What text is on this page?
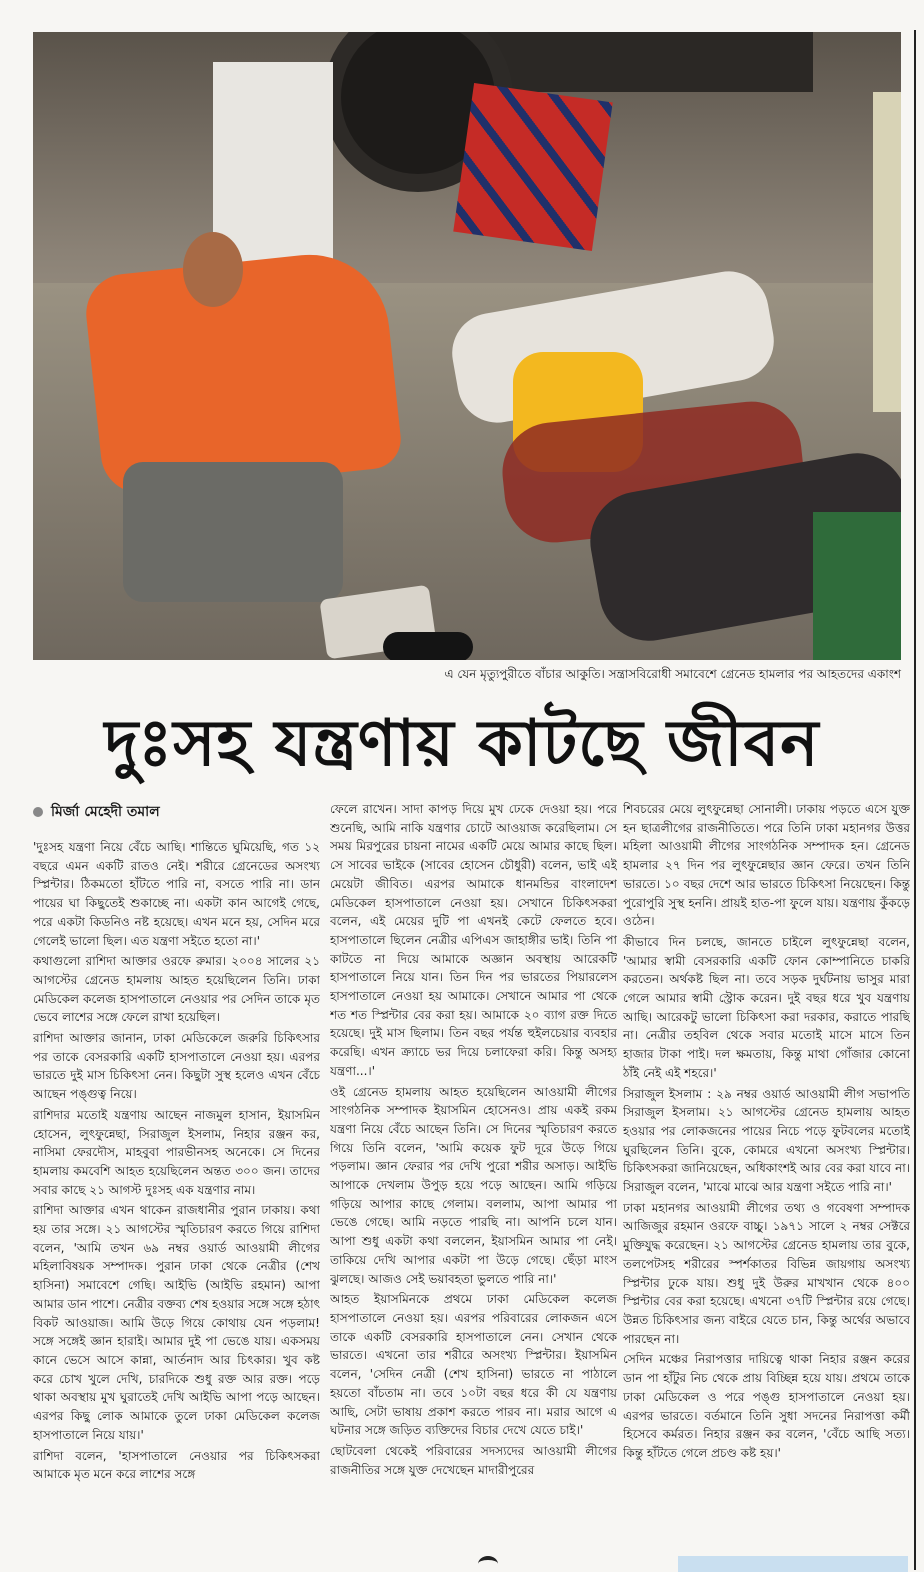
এ যেন মৃত্যুপুরীতে বাঁচার আকুতি। সন্ত্রাসবিরোধী সমাবেশে গ্রেনেড হামলার পর আহতদের একাংশ
দুঃসহ যন্ত্রণায় কাটছে জীবন

মির্জা মেহেদী তমাল

'দুঃসহ যন্ত্রণা নিয়ে বেঁচে আছি। শান্তিতে ঘুমিয়েছি, গত ১২ বছরে এমন একটি রাতও নেই। শরীরে গ্রেনেডের অসংখ্য স্প্লিন্টার। ঠিকমতো হাঁটতে পারি না, বসতে পারি না। ডান পায়ের ঘা কিছুতেই শুকাচ্ছে না। একটা কান আগেই গেছে, পরে একটা কিডনিও নষ্ট হয়েছে। এখন মনে হয়, সেদিন মরে গেলেই ভালো ছিল। এত যন্ত্রণা সইতে হতো না।'

কথাগুলো রাশিদা আক্তার ওরফে রুমার। ২০০৪ সালের ২১ আগস্টের গ্রেনেড হামলায় আহত হয়েছিলেন তিনি। ঢাকা মেডিকেল কলেজ হাসপাতালে নেওয়ার পর সেদিন তাকে মৃত ভেবে লাশের সঙ্গে ফেলে রাখা হয়েছিল।

রাশিদা আক্তার জানান, ঢাকা মেডিকেলে জরুরি চিকিৎসার পর তাকে বেসরকারি একটি হাসপাতালে নেওয়া হয়। এরপর ভারতে দুই মাস চিকিৎসা নেন। কিছুটা সুস্থ হলেও এখন বেঁচে আছেন পঙ্গুত্ব নিয়ে।

রাশিদার মতোই যন্ত্রণায় আছেন নাজমুল হাসান, ইয়াসমিন হোসেন, লুৎফুন্নেছা, সিরাজুল ইসলাম, নিহার রঞ্জন কর, নাসিমা ফেরদৌস, মাহবুবা পারভীনসহ অনেকে। সে দিনের হামলায় কমবেশি আহত হয়েছিলেন অন্তত ৩০০ জন। তাদের সবার কাছে ২১ আগস্ট দুঃসহ এক যন্ত্রণার নাম।

রাশিদা আক্তার এখন থাকেন রাজধানীর পুরান ঢাকায়। কথা হয় তার সঙ্গে। ২১ আগস্টের স্মৃতিচারণ করতে গিয়ে রাশিদা বলেন, 'আমি তখন ৬৯ নম্বর ওয়ার্ড আওয়ামী লীগের মহিলাবিষয়ক সম্পাদক। পুরান ঢাকা থেকে নেত্রীর (শেখ হাসিনা) সমাবেশে গেছি। আইভি (আইভি রহমান) আপা আমার ডান পাশে। নেত্রীর বক্তব্য শেষ হওয়ার সঙ্গে সঙ্গে হঠাৎ বিকট আওয়াজ। আমি উড়ে গিয়ে কোথায় যেন পড়লাম! সঙ্গে সঙ্গেই জ্ঞান হারাই। আমার দুই পা ভেঙে যায়। একসময় কানে ভেসে আসে কান্না, আর্তনাদ আর চিৎকার। খুব কষ্ট করে চোখ খুলে দেখি, চারদিকে শুধু রক্ত আর রক্ত। পড়ে থাকা অবস্থায় মুখ ঘুরাতেই দেখি আইভি আপা পড়ে আছেন। এরপর কিছু লোক আমাকে তুলে ঢাকা মেডিকেল কলেজ হাসপাতালে নিয়ে যায়।'

রাশিদা বলেন, 'হাসপাতালে নেওয়ার পর চিকিৎসকরা আমাকে মৃত মনে করে লাশের সঙ্গে

ফেলে রাখেন। সাদা কাপড় দিয়ে মুখ ঢেকে দেওয়া হয়। পরে শুনেছি, আমি নাকি যন্ত্রণার চোটে আওয়াজ করেছিলাম। সে সময় মিরপুরের চায়না নামের একটি মেয়ে আমার কাছে ছিল। সে সাবের ভাইকে (সাবের হোসেন চৌধুরী) বলেন, ভাই এই মেয়েটা জীবিত। এরপর আমাকে ধানমন্ডির বাংলাদেশ মেডিকেল হাসপাতালে নেওয়া হয়। সেখানে চিকিৎসকরা বলেন, এই মেয়ের দুটি পা এখনই কেটে ফেলতে হবে। হাসপাতালে ছিলেন নেত্রীর এপিএস জাহাঙ্গীর ভাই। তিনি পা কাটতে না দিয়ে আমাকে অজ্ঞান অবস্থায় আরেকটি হাসপাতালে নিয়ে যান। তিন দিন পর ভারতের পিয়ারলেস হাসপাতালে নেওয়া হয় আমাকে। সেখানে আমার পা থেকে শত শত স্প্লিন্টার বের করা হয়। আমাকে ২০ ব্যাগ রক্ত দিতে হয়েছে। দুই মাস ছিলাম। তিন বছর পর্যন্ত হুইলচেয়ার ব্যবহার করেছি। এখন ক্র্যাচে ভর দিয়ে চলাফেরা করি। কিন্তু অসহ্য যন্ত্রণা...।'

ওই গ্রেনেড হামলায় আহত হয়েছিলেন আওয়ামী লীগের সাংগঠনিক সম্পাদক ইয়াসমিন হোসেনও। প্রায় একই রকম যন্ত্রণা নিয়ে বেঁচে আছেন তিনি। সে দিনের স্মৃতিচারণ করতে গিয়ে তিনি বলেন, 'আমি কয়েক ফুট দূরে উড়ে গিয়ে পড়লাম। জ্ঞান ফেরার পর দেখি পুরো শরীর অসাড়। আইভি আপাকে দেখলাম উপুড় হয়ে পড়ে আছেন। আমি গড়িয়ে গড়িয়ে আপার কাছে গেলাম। বললাম, আপা আমার পা ভেঙে গেছে। আমি নড়তে পারছি না। আপনি চলে যান। আপা শুধু একটা কথা বললেন, ইয়াসমিন আমার পা নেই। তাকিয়ে দেখি আপার একটা পা উড়ে গেছে। ছেঁড়া মাংস ঝুলছে। আজও সেই ভয়াবহতা ভুলতে পারি না।'

আহত ইয়াসমিনকে প্রথমে ঢাকা মেডিকেল কলেজ হাসপাতালে নেওয়া হয়। এরপর পরিবারের লোকজন এসে তাকে একটি বেসরকারি হাসপাতালে নেন। সেখান থেকে ভারতে। এখনো তার শরীরে অসংখ্য স্প্লিন্টার। ইয়াসমিন বলেন, 'সেদিন নেত্রী (শেখ হাসিনা) ভারতে না পাঠালে হয়তো বাঁচতাম না। তবে ১০টা বছর ধরে কী যে যন্ত্রণায় আছি, সেটা ভাষায় প্রকাশ করতে পারব না। মরার আগে এ ঘটনার সঙ্গে জড়িত ব্যক্তিদের বিচার দেখে যেতে চাই।'

ছোটবেলা থেকেই পরিবারের সদস্যদের আওয়ামী লীগের রাজনীতির সঙ্গে যুক্ত দেখেছেন মাদারীপুরের

শিবচরের মেয়ে লুৎফুন্নেছা সোনালী। ঢাকায় পড়তে এসে যুক্ত হন ছাত্রলীগের রাজনীতিতে। পরে তিনি ঢাকা মহানগর উত্তর মহিলা আওয়ামী লীগের সাংগঠনিক সম্পাদক হন। গ্রেনেড হামলার ২৭ দিন পর লুৎফুন্নেছার জ্ঞান ফেরে। তখন তিনি ভারতে। ১০ বছর দেশে আর ভারতে চিকিৎসা নিয়েছেন। কিন্তু পুরোপুরি সুস্থ হননি। প্রায়ই হাত-পা ফুলে যায়। যন্ত্রণায় কুঁকড়ে ওঠেন।

কীভাবে দিন চলছে, জানতে চাইলে লুৎফুন্নেছা বলেন, 'আমার স্বামী বেসরকারি একটি ফোন কোম্পানিতে চাকরি করতেন। অর্থকষ্ট ছিল না। তবে সড়ক দুর্ঘটনায় ভাসুর মারা গেলে আমার স্বামী স্ট্রোক করেন। দুই বছর ধরে খুব যন্ত্রণায় আছি। আরেকটু ভালো চিকিৎসা করা দরকার, করাতে পারছি না। নেত্রীর তহবিল থেকে সবার মতোই মাসে মাসে তিন হাজার টাকা পাই। দল ক্ষমতায়, কিন্তু মাথা গোঁজার কোনো ঠাঁই নেই এই শহরে।'

সিরাজুল ইসলাম : ২৯ নম্বর ওয়ার্ড আওয়ামী লীগ সভাপতি সিরাজুল ইসলাম। ২১ আগস্টের গ্রেনেড হামলায় আহত হওয়ার পর লোকজনের পায়ের নিচে পড়ে ফুটবলের মতোই ঘুরছিলেন তিনি। বুকে, কোমরে এখনো অসংখ্য স্প্লিন্টার। চিকিৎসকরা জানিয়েছেন, অধিকাংশই আর বের করা যাবে না। সিরাজুল বলেন, 'মাঝে মাঝে আর যন্ত্রণা সইতে পারি না।'

ঢাকা মহানগর আওয়ামী লীগের তথ্য ও গবেষণা সম্পাদক আজিজুর রহমান ওরফে বাচ্চু। ১৯৭১ সালে ২ নম্বর সেক্টরে মুক্তিযুদ্ধ করেছেন। ২১ আগস্টের গ্রেনেড হামলায় তার বুকে, তলপেটসহ শরীরের স্পর্শকাতর বিভিন্ন জায়গায় অসংখ্য স্প্লিন্টার ঢুকে যায়। শুধু দুই উরুর মাখখান থেকে ৪০০ স্প্লিন্টার বের করা হয়েছে। এখনো ৩৭টি স্প্লিন্টার রয়ে গেছে। উন্নত চিকিৎসার জন্য বাইরে যেতে চান, কিন্তু অর্থের অভাবে পারছেন না।

সেদিন মঞ্চের নিরাপত্তার দায়িত্বে থাকা নিহার রঞ্জন করের ডান পা হাঁটুর নিচ থেকে প্রায় বিচ্ছিন্ন হয়ে যায়। প্রথমে তাকে ঢাকা মেডিকেল ও পরে পঙ্গু হাসপাতালে নেওয়া হয়। এরপর ভারতে। বর্তমানে তিনি সুধা সদনের নিরাপত্তা কর্মী হিসেবে কর্মরত। নিহার রঞ্জন কর বলেন, 'বেঁচে আছি সত্য। কিন্তু হাঁটতে গেলে প্রচণ্ড কষ্ট হয়।'
